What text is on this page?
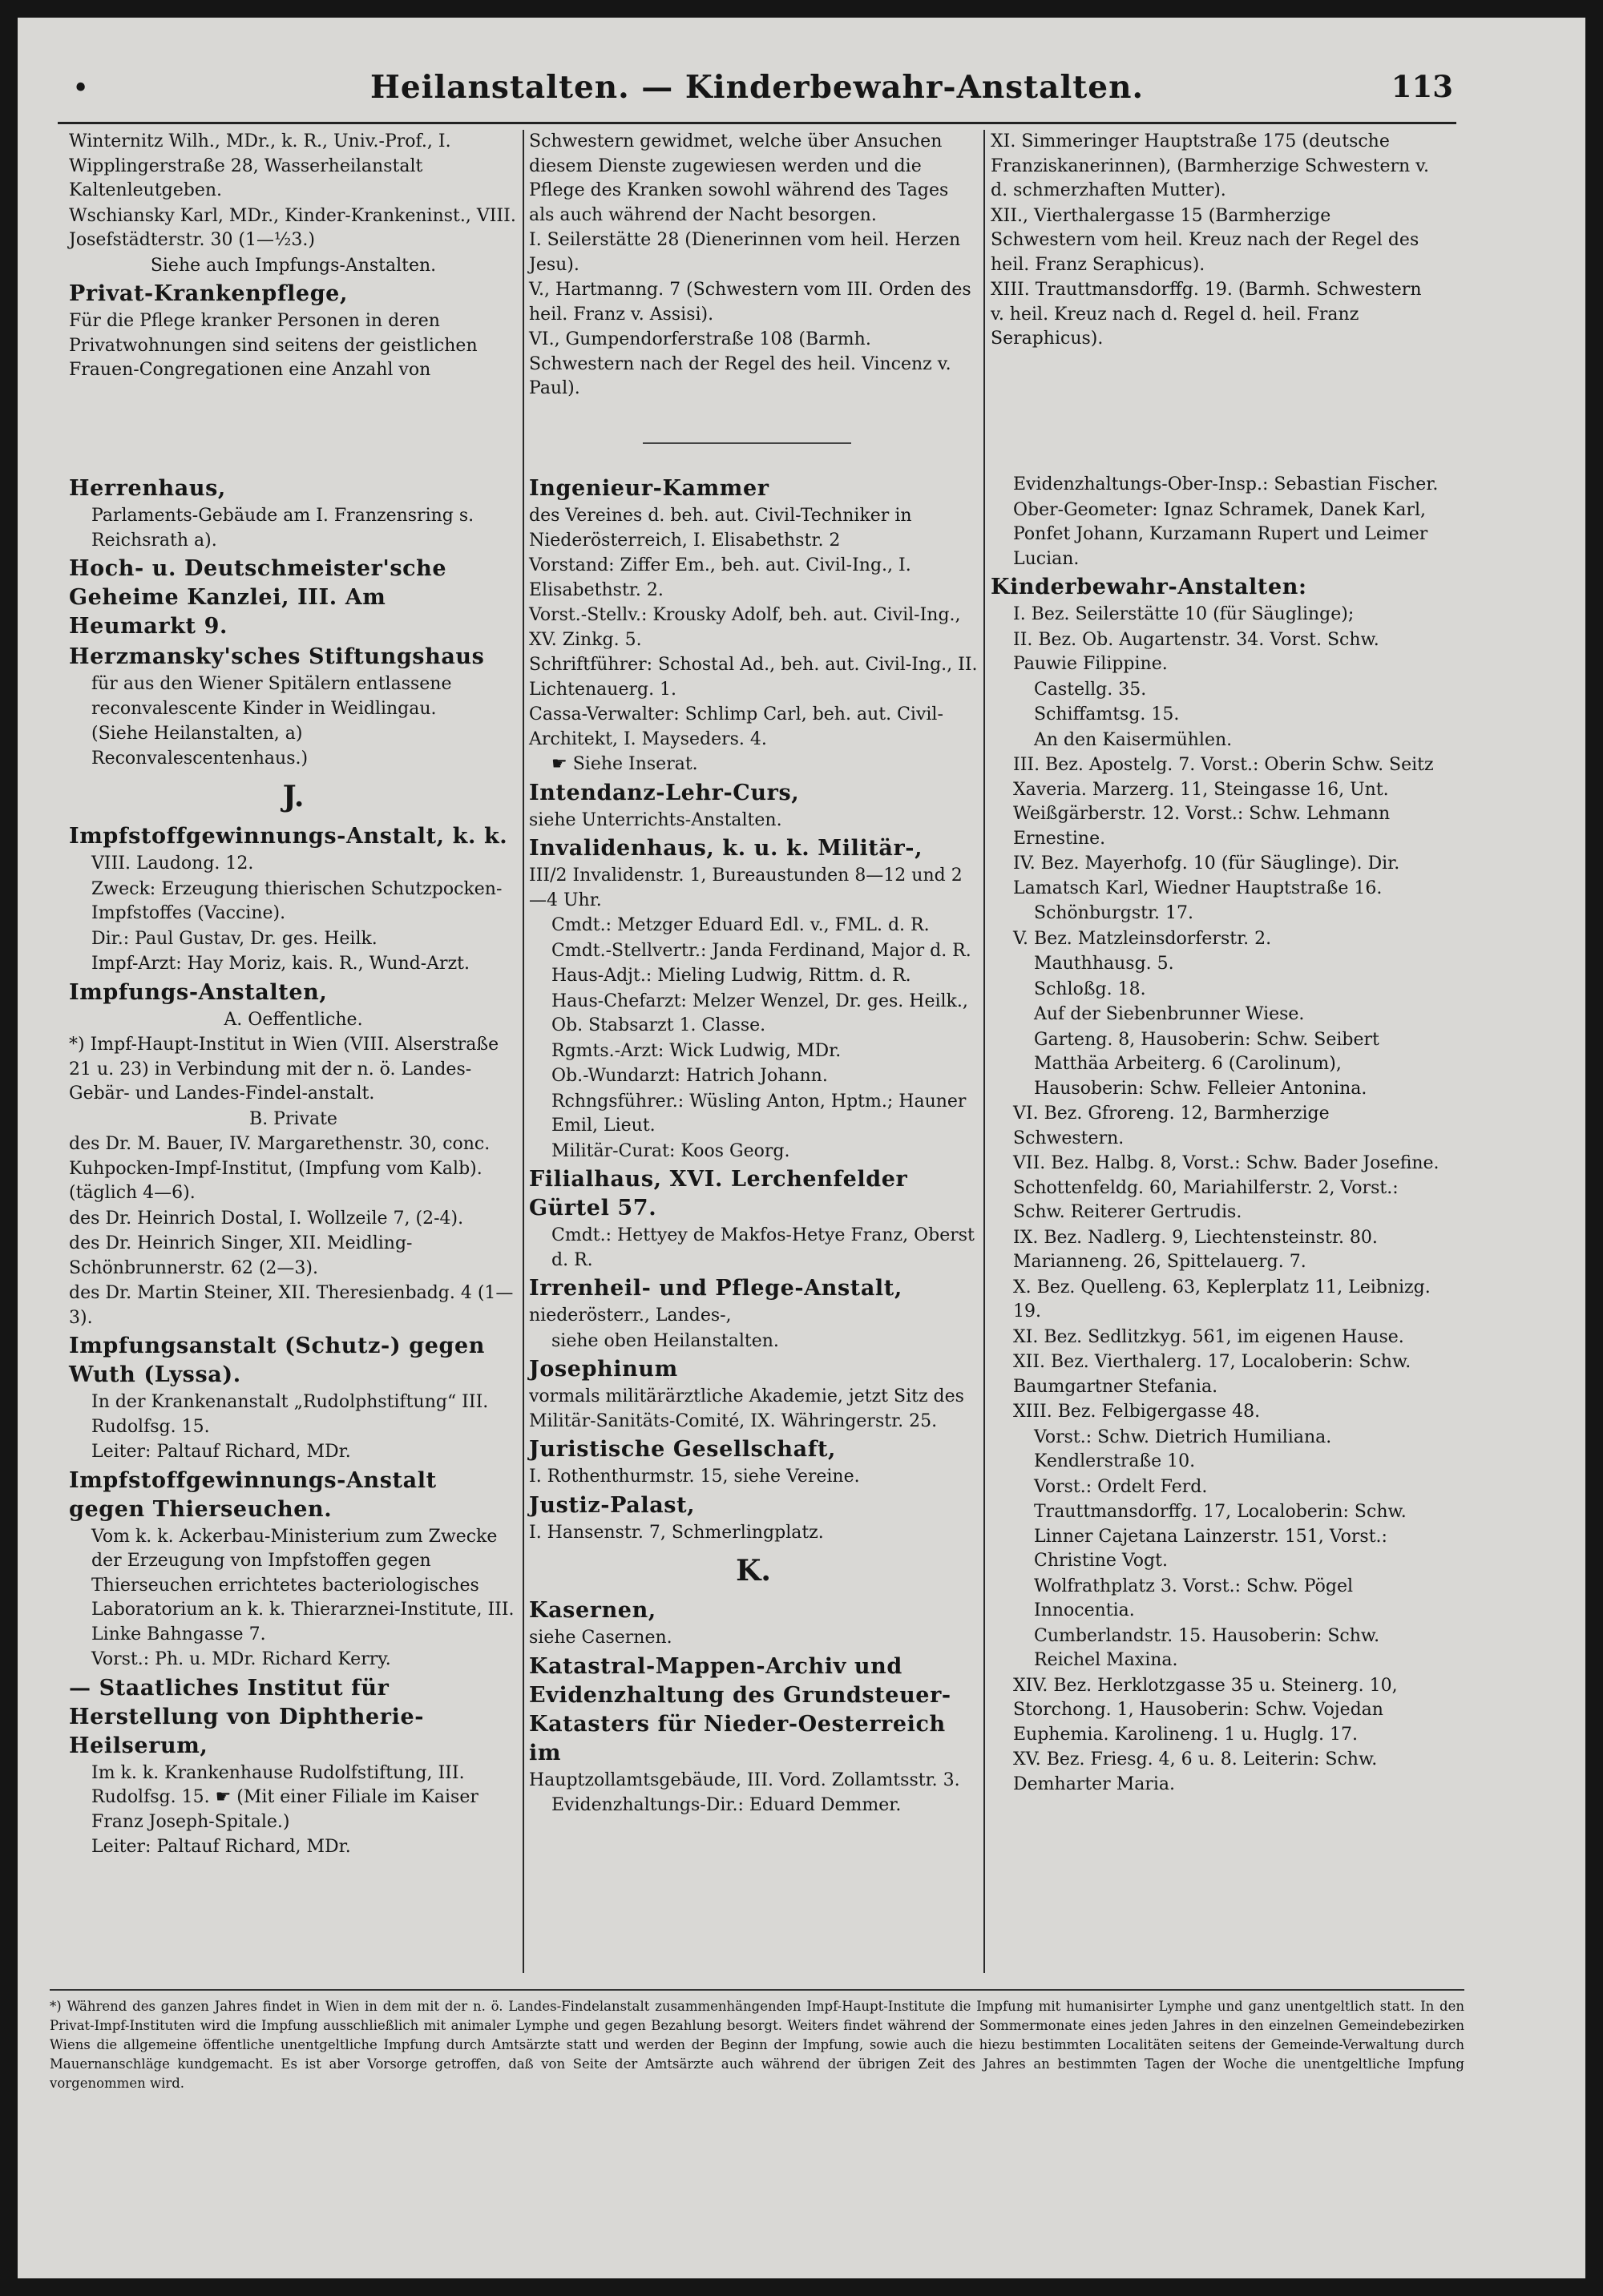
•	Heilanstalten. — Kinderbewahr-Anstalten.	113
Winternitz Wilh., MDr., k. R., Univ.-Prof., I. Wipplingerstraße 28, Wasserheilanstalt Kaltenleutgeben.
Wschiansky Karl, MDr., Kinder-Krankeninst., VIII. Josefstädterstr. 30 (1—½3.)
Siehe auch Impfungs-Anstalten.
Privat-Krankenpflege,
Für die Pflege kranker Personen in deren Privatwohnungen sind seitens der geistlichen Frauen-Congregationen eine Anzahl von
Schwestern gewidmet, welche über Ansuchen diesem Dienste zugewiesen werden und die Pflege des Kranken sowohl während des Tages als auch während der Nacht besorgen.
I. Seilerstätte 28 (Dienerinnen vom heil. Herzen Jesu).
V., Hartmanng. 7 (Schwestern vom III. Orden des heil. Franz v. Assisi).
VI., Gumpendorferstraße 108 (Barmh. Schwestern nach der Regel des heil. Vincenz v. Paul).
XI. Simmeringer Hauptstraße 175 (deutsche Franziskanerinnen), (Barmherzige Schwestern v. d. schmerzhaften Mutter).
XII., Vierthalergasse 15 (Barmherzige Schwestern vom heil. Kreuz nach der Regel des heil. Franz Seraphicus).
XIII. Trauttmansdorffg. 19. (Barmh. Schwestern v. heil. Kreuz nach d. Regel d. heil. Franz Seraphicus).
Herrenhaus,
Parlaments-Gebäude am I. Franzensring s. Reichsrath a).
Hoch- u. Deutschmeister'sche Geheime Kanzlei, III. Am Heumarkt 9.
Herzmansky'sches Stiftungshaus
für aus den Wiener Spitälern entlassene reconvalescente Kinder in Weidlingau.
(Siehe Heilanstalten, a) Reconvalescentenhaus.)
J.
Impfstoffgewinnungs-Anstalt, k. k.
VIII. Laudong. 12.
Zweck: Erzeugung thierischen Schutzpocken-Impfstoffes (Vaccine).
Dir.: Paul Gustav, Dr. ges. Heilk.
Impf-Arzt: Hay Moriz, kais. R., Wund-Arzt.
Impfungs-Anstalten,
A. Oeffentliche.
*) Impf-Haupt-Institut in Wien (VIII. Alserstraße 21 u. 23) in Verbindung mit der n. ö. Landes-Gebär- und Landes-Findel-anstalt.
B. Private
des Dr. M. Bauer, IV. Margarethenstr. 30, conc. Kuhpocken-Impf-Institut, (Impfung vom Kalb). (täglich 4—6).
des Dr. Heinrich Dostal, I. Wollzeile 7, (2-4).
des Dr. Heinrich Singer, XII. Meidling-Schönbrunnerstr. 62 (2—3).
des Dr. Martin Steiner, XII. Theresienbadg. 4 (1—3).
Impfungsanstalt (Schutz-) gegen Wuth (Lyssa).
In der Krankenanstalt „Rudolphstiftung“ III. Rudolfsg. 15.
Leiter: Paltauf Richard, MDr.
Impfstoffgewinnungs-Anstalt gegen Thierseuchen.
Vom k. k. Ackerbau-Ministerium zum Zwecke der Erzeugung von Impfstoffen gegen Thierseuchen errichtetes bacteriologisches Laboratorium an k. k. Thierarznei-Institute, III. Linke Bahngasse 7.
Vorst.: Ph. u. MDr. Richard Kerry.
— Staatliches Institut für Herstellung von Diphtherie-Heilserum,
Im k. k. Krankenhause Rudolfstiftung, III. Rudolfsg. 15. ☛ (Mit einer Filiale im Kaiser Franz Joseph-Spitale.)
Leiter: Paltauf Richard, MDr.
Ingenieur-Kammer
des Vereines d. beh. aut. Civil-Techniker in Niederösterreich, I. Elisabethstr. 2
Vorstand: Ziffer Em., beh. aut. Civil-Ing., I. Elisabethstr. 2.
Vorst.-Stellv.: Krousky Adolf, beh. aut. Civil-Ing., XV. Zinkg. 5.
Schriftführer: Schostal Ad., beh. aut. Civil-Ing., II. Lichtenauerg. 1.
Cassa-Verwalter: Schlimp Carl, beh. aut. Civil-Architekt, I. Mayseders. 4.
☛ Siehe Inserat.
Intendanz-Lehr-Curs,
siehe Unterrichts-Anstalten.
Invalidenhaus, k. u. k. Militär-,
III/2 Invalidenstr. 1, Bureaustunden 8—12 und 2—4 Uhr.
Cmdt.: Metzger Eduard Edl. v., FML. d. R.
Cmdt.-Stellvertr.: Janda Ferdinand, Major d. R.
Haus-Adjt.: Mieling Ludwig, Rittm. d. R.
Haus-Chefarzt: Melzer Wenzel, Dr. ges. Heilk., Ob. Stabsarzt 1. Classe.
Rgmts.-Arzt: Wick Ludwig, MDr.
Ob.-Wundarzt: Hatrich Johann.
Rchngsführer.: Wüsling Anton, Hptm.; Hauner Emil, Lieut.
Militär-Curat: Koos Georg.
Filialhaus, XVI. Lerchenfelder Gürtel 57.
Cmdt.: Hettyey de Makfos-Hetye Franz, Oberst d. R.
Irrenheil- und Pflege-Anstalt,
niederösterr., Landes-,
siehe oben Heilanstalten.
Josephinum
vormals militärärztliche Akademie, jetzt Sitz des Militär-Sanitäts-Comité, IX. Währingerstr. 25.
Juristische Gesellschaft,
I. Rothenthurmstr. 15, siehe Vereine.
Justiz-Palast,
I. Hansenstr. 7, Schmerlingplatz.
K.
Kasernen,
siehe Casernen.
Katastral-Mappen-Archiv und Evidenzhaltung des Grundsteuer-Katasters für Nieder-Oesterreich im
Hauptzollamtsgebäude, III. Vord. Zollamtsstr. 3.
Evidenzhaltungs-Dir.: Eduard Demmer.
Evidenzhaltungs-Ober-Insp.: Sebastian Fischer.
Ober-Geometer: Ignaz Schramek, Danek Karl, Ponfet Johann, Kurzamann Rupert und Leimer Lucian.
Kinderbewahr-Anstalten:
I. Bez. Seilerstätte 10 (für Säuglinge);
II. Bez. Ob. Augartenstr. 34. Vorst. Schw. Pauwie Filippine.
Castellg. 35.
Schiffamtsg. 15.
An den Kaisermühlen.
III. Bez. Apostelg. 7. Vorst.: Oberin Schw. Seitz Xaveria. Marzerg. 11, Steingasse 16, Unt. Weißgärberstr. 12. Vorst.: Schw. Lehmann Ernestine.
IV. Bez. Mayerhofg. 10 (für Säuglinge). Dir. Lamatsch Karl, Wiedner Hauptstraße 16.
Schönburgstr. 17.
V. Bez. Matzleinsdorferstr. 2.
Mauthhausg. 5.
Schloßg. 18.
Auf der Siebenbrunner Wiese.
Garteng. 8, Hausoberin: Schw. Seibert Matthäa Arbeiterg. 6 (Carolinum), Hausoberin: Schw. Felleier Antonina.
VI. Bez. Gfroreng. 12, Barmherzige Schwestern.
VII. Bez. Halbg. 8, Vorst.: Schw. Bader Josefine. Schottenfeldg. 60, Mariahilferstr. 2, Vorst.: Schw. Reiterer Gertrudis.
IX. Bez. Nadlerg. 9, Liechtensteinstr. 80. Marianneng. 26, Spittelauerg. 7.
X. Bez. Quelleng. 63, Keplerplatz 11, Leibnizg. 19.
XI. Bez. Sedlitzkyg. 561, im eigenen Hause.
XII. Bez. Vierthalerg. 17, Localoberin: Schw. Baumgartner Stefania.
XIII. Bez. Felbigergasse 48.
Vorst.: Schw. Dietrich Humiliana. Kendlerstraße 10.
Vorst.: Ordelt Ferd.
Trauttmansdorffg. 17, Localoberin: Schw. Linner Cajetana Lainzerstr. 151, Vorst.: Christine Vogt.
Wolfrathplatz 3. Vorst.: Schw. Pögel Innocentia.
Cumberlandstr. 15. Hausoberin: Schw. Reichel Maxina.
XIV. Bez. Herklotzgasse 35 u. Steinerg. 10, Storchong. 1, Hausoberin: Schw. Vojedan Euphemia. Karolineng. 1 u. Huglg. 17.
XV. Bez. Friesg. 4, 6 u. 8. Leiterin: Schw. Demharter Maria.
*) Während des ganzen Jahres findet in Wien in dem mit der n. ö. Landes-Findelanstalt zusammenhängenden Impf-Haupt-Institute die Impfung mit humanisirter Lymphe und ganz unentgeltlich statt. In den Privat-Impf-Instituten wird die Impfung ausschließlich mit animaler Lymphe und gegen Bezahlung besorgt. Weiters findet während der Sommermonate eines jeden Jahres in den einzelnen Gemeindebezirken Wiens die allgemeine öffentliche unentgeltliche Impfung durch Amtsärzte statt und werden der Beginn der Impfung, sowie auch die hiezu bestimmten Localitäten seitens der Gemeinde-Verwaltung durch Mauernanschläge kundgemacht. Es ist aber Vorsorge getroffen, daß von Seite der Amtsärzte auch während der übrigen Zeit des Jahres an bestimmten Tagen der Woche die unentgeltliche Impfung vorgenommen wird.
